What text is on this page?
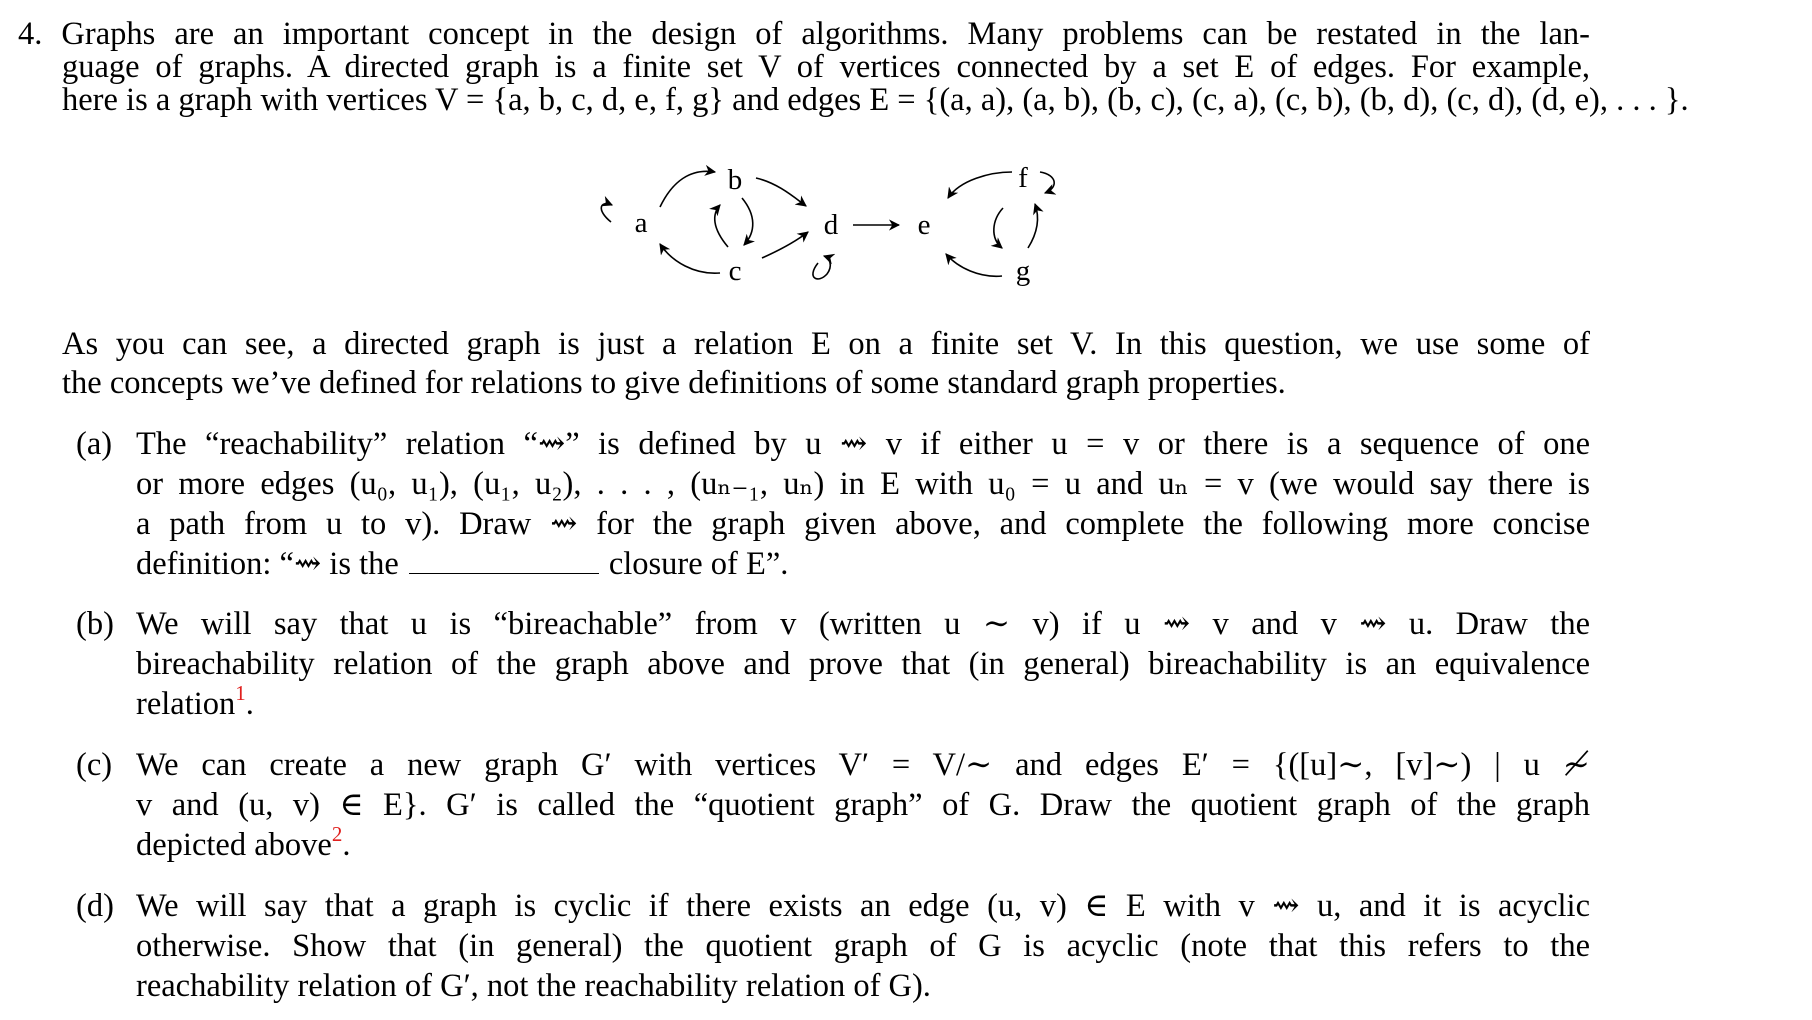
4. Graphs are an important concept in the design of algorithms. Many problems can be restated in the lan-
guage of graphs. A directed graph is a finite set V of vertices connected by a set E of edges. For example,
here is a graph with vertices V = {a, b, c, d, e, f, g} and edges E = {(a, a), (a, b), (b, c), (c, a), (c, b), (b, d), (c, d), (d, e), . . . }.
a
b
c
d	e
f
g
As you can see, a directed graph is just a relation E on a finite set V. In this question, we use some of
the concepts we’ve defined for relations to give definitions of some standard graph properties.
(a) The “reachability” relation “⇝” is defined by u ⇝ v if either u = v or there is a sequence of one
or more edges (u₀, u₁), (u₁, u₂), . . . , (uₙ₋₁, uₙ) in E with u₀ = u and uₙ = v (we would say there is
a path from u to v). Draw ⇝ for the graph given above, and complete the following more concise
definition: “⇝ is the	closure of E”.
(b) We will say that u is “bireachable” from v (written u ∼ v) if u ⇝ v and v ⇝ u. Draw the
bireachability relation of the graph above and prove that (in general) bireachability is an equivalence
relation$^1$.
(c) We can create a new graph G′ with vertices V′ = V/∼ and edges E′ = {([u]∼, [v]∼) | u ≁
v and (u, v) ∈ E}. G′ is called the “quotient graph” of G. Draw the quotient graph of the graph
depicted above$^2$.
(d) We will say that a graph is cyclic if there exists an edge (u, v) ∈ E with v ⇝ u, and it is acyclic
otherwise. Show that (in general) the quotient graph of G is acyclic (note that this refers to the
reachability relation of G′, not the reachability relation of G).
